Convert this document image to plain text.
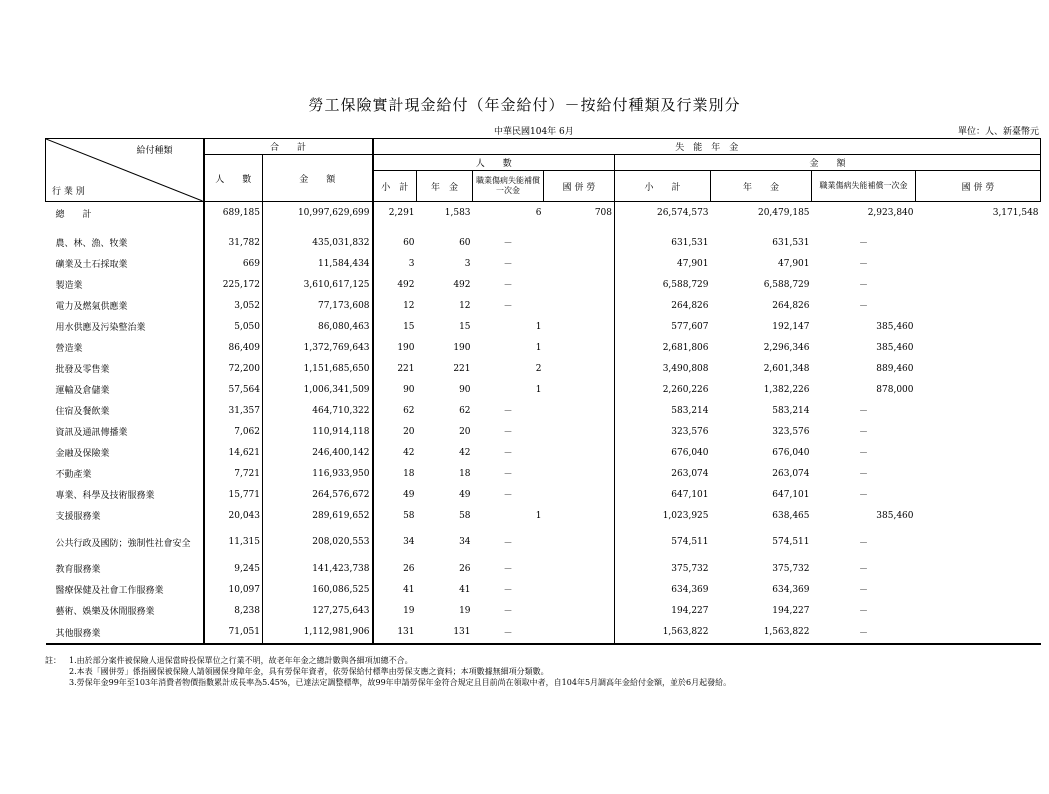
勞工保險實計現金給付（年金給付）－按給付種類及行業別分
中華民國104年 6月	單位：人、新臺幣元
給付種類
行 業 別	合　　計		失　能　年　金							
	人　　數	金　　額	人　　數				金　　額			
			小　計	年　金	職業傷病失能補償一次金	國 併 勞	小　　計	年　　金	職業傷病失能補償一次金	國 併 勞
總　　計	689,185	10,997,629,699	2,291	1,583	6	708	26,574,573	20,479,185	2,923,840	3,171,548

農、林、漁、牧業	31,782	435,031,832	60	60	－		631,531	631,531	－	
礦業及土石採取業	669	11,584,434	3	3	－		47,901	47,901	－	
製造業	225,172	3,610,617,125	492	492	－		6,588,729	6,588,729	－	
電力及燃氣供應業	3,052	77,173,608	12	12	－		264,826	264,826	－	
用水供應及污染整治業	5,050	86,080,463	15	15	1		577,607	192,147	385,460	
營造業	86,409	1,372,769,643	190	190	1		2,681,806	2,296,346	385,460	
批發及零售業	72,200	1,151,685,650	221	221	2		3,490,808	2,601,348	889,460	
運輸及倉儲業	57,564	1,006,341,509	90	90	1		2,260,226	1,382,226	878,000	
住宿及餐飲業	31,357	464,710,322	62	62	－		583,214	583,214	－	
資訊及通訊傳播業	7,062	110,914,118	20	20	－		323,576	323,576	－	
金融及保險業	14,621	246,400,142	42	42	－		676,040	676,040	－	
不動產業	7,721	116,933,950	18	18	－		263,074	263,074	－	
專業、科學及技術服務業	15,771	264,576,672	49	49	－		647,101	647,101	－	
支援服務業	20,043	289,619,652	58	58	1		1,023,925	638,465	385,460	
公共行政及國防；強制性社會安全	11,315	208,020,553	34	34	－		574,511	574,511	－	
教育服務業	9,245	141,423,738	26	26	－		375,732	375,732	－	
醫療保健及社會工作服務業	10,097	160,086,525	41	41	－		634,369	634,369	－	
藝術、娛樂及休閒服務業	8,238	127,275,643	19	19	－		194,227	194,227	－	
其他服務業	71,051	1,112,981,906	131	131	－		1,563,822	1,563,822	－	
註：	1.由於部分案件被保險人退保當時投保單位之行業不明，故老年年金之總計數與各細項加總不合。
2.本表「國併勞」係指國保被保險人請領國保身障年金，具有勞保年資者，依勞保給付標準由勞保支應之資料；本項數據無細項分類數。
3.勞保年金99年至103年消費者物價指數累計成長率為5.45%，已達法定調整標準，故99年申請勞保年金符合規定且目前尚在領取中者，自104年5月調高年金給付金額，並於6月起發給。
